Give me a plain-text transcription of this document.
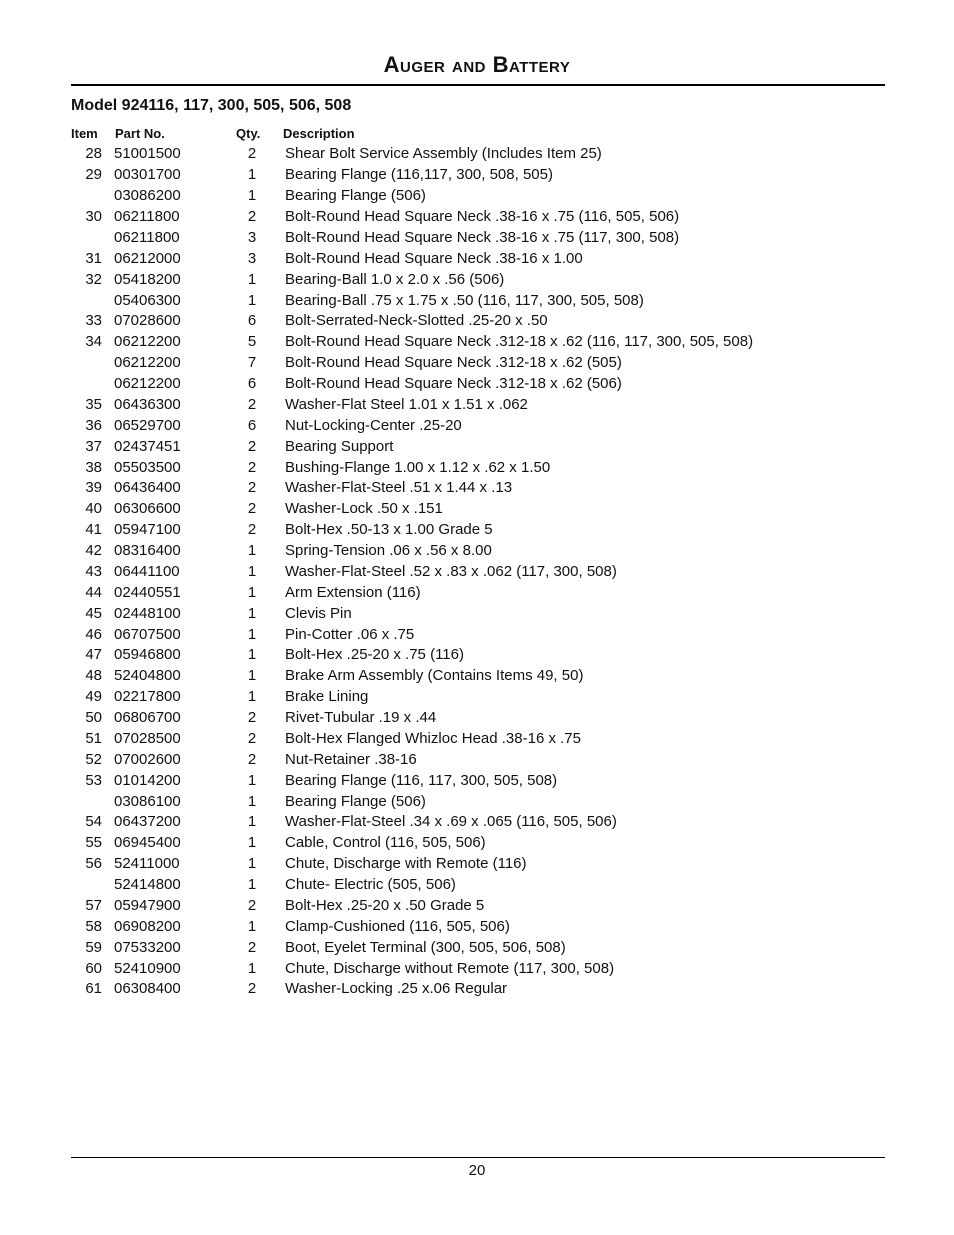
Auger and Battery
Model 924116, 117, 300, 505, 506, 508
Item	Part No.	Qty.	Description
28	51001500	2	Shear Bolt Service Assembly (Includes Item 25)
29	00301700	1	Bearing Flange (116,117, 300, 508, 505)
	03086200	1	Bearing Flange (506)
30	06211800	2	Bolt-Round Head Square Neck .38-16 x .75 (116, 505, 506)
	06211800	3	Bolt-Round Head Square Neck .38-16 x .75 (117, 300, 508)
31	06212000	3	Bolt-Round Head Square Neck .38-16 x 1.00
32	05418200	1	Bearing-Ball 1.0 x 2.0 x .56 (506)
	05406300	1	Bearing-Ball .75 x 1.75 x .50 (116, 117, 300, 505, 508)
33	07028600	6	Bolt-Serrated-Neck-Slotted .25-20 x .50
34	06212200	5	Bolt-Round Head Square Neck .312-18 x .62 (116, 117, 300, 505, 508)
	06212200	7	Bolt-Round Head Square Neck .312-18 x .62 (505)
	06212200	6	Bolt-Round Head Square Neck .312-18 x .62 (506)
35	06436300	2	Washer-Flat Steel 1.01 x 1.51 x .062
36	06529700	6	Nut-Locking-Center .25-20
37	02437451	2	Bearing Support
38	05503500	2	Bushing-Flange 1.00 x 1.12 x .62 x 1.50
39	06436400	2	Washer-Flat-Steel .51 x 1.44 x .13
40	06306600	2	Washer-Lock .50 x .151
41	05947100	2	Bolt-Hex .50-13 x 1.00 Grade 5
42	08316400	1	Spring-Tension .06 x .56 x 8.00
43	06441100	1	Washer-Flat-Steel .52 x .83 x .062 (117, 300, 508)
44	02440551	1	Arm Extension (116)
45	02448100	1	Clevis Pin
46	06707500	1	Pin-Cotter .06 x .75
47	05946800	1	Bolt-Hex .25-20 x .75 (116)
48	52404800	1	Brake Arm Assembly (Contains Items 49, 50)
49	02217800	1	Brake Lining
50	06806700	2	Rivet-Tubular .19 x .44
51	07028500	2	Bolt-Hex Flanged Whizloc Head .38-16 x .75
52	07002600	2	Nut-Retainer .38-16
53	01014200	1	Bearing Flange (116, 117, 300, 505, 508)
	03086100	1	Bearing Flange (506)
54	06437200	1	Washer-Flat-Steel .34 x .69 x .065 (116, 505, 506)
55	06945400	1	Cable, Control (116, 505, 506)
56	52411000	1	Chute, Discharge with Remote (116)
	52414800	1	Chute- Electric (505, 506)
57	05947900	2	Bolt-Hex .25-20 x .50 Grade 5
58	06908200	1	Clamp-Cushioned (116, 505, 506)
59	07533200	2	Boot, Eyelet Terminal (300, 505, 506, 508)
60	52410900	1	Chute, Discharge without Remote (117, 300, 508)
61	06308400	2	Washer-Locking .25 x.06 Regular
20
